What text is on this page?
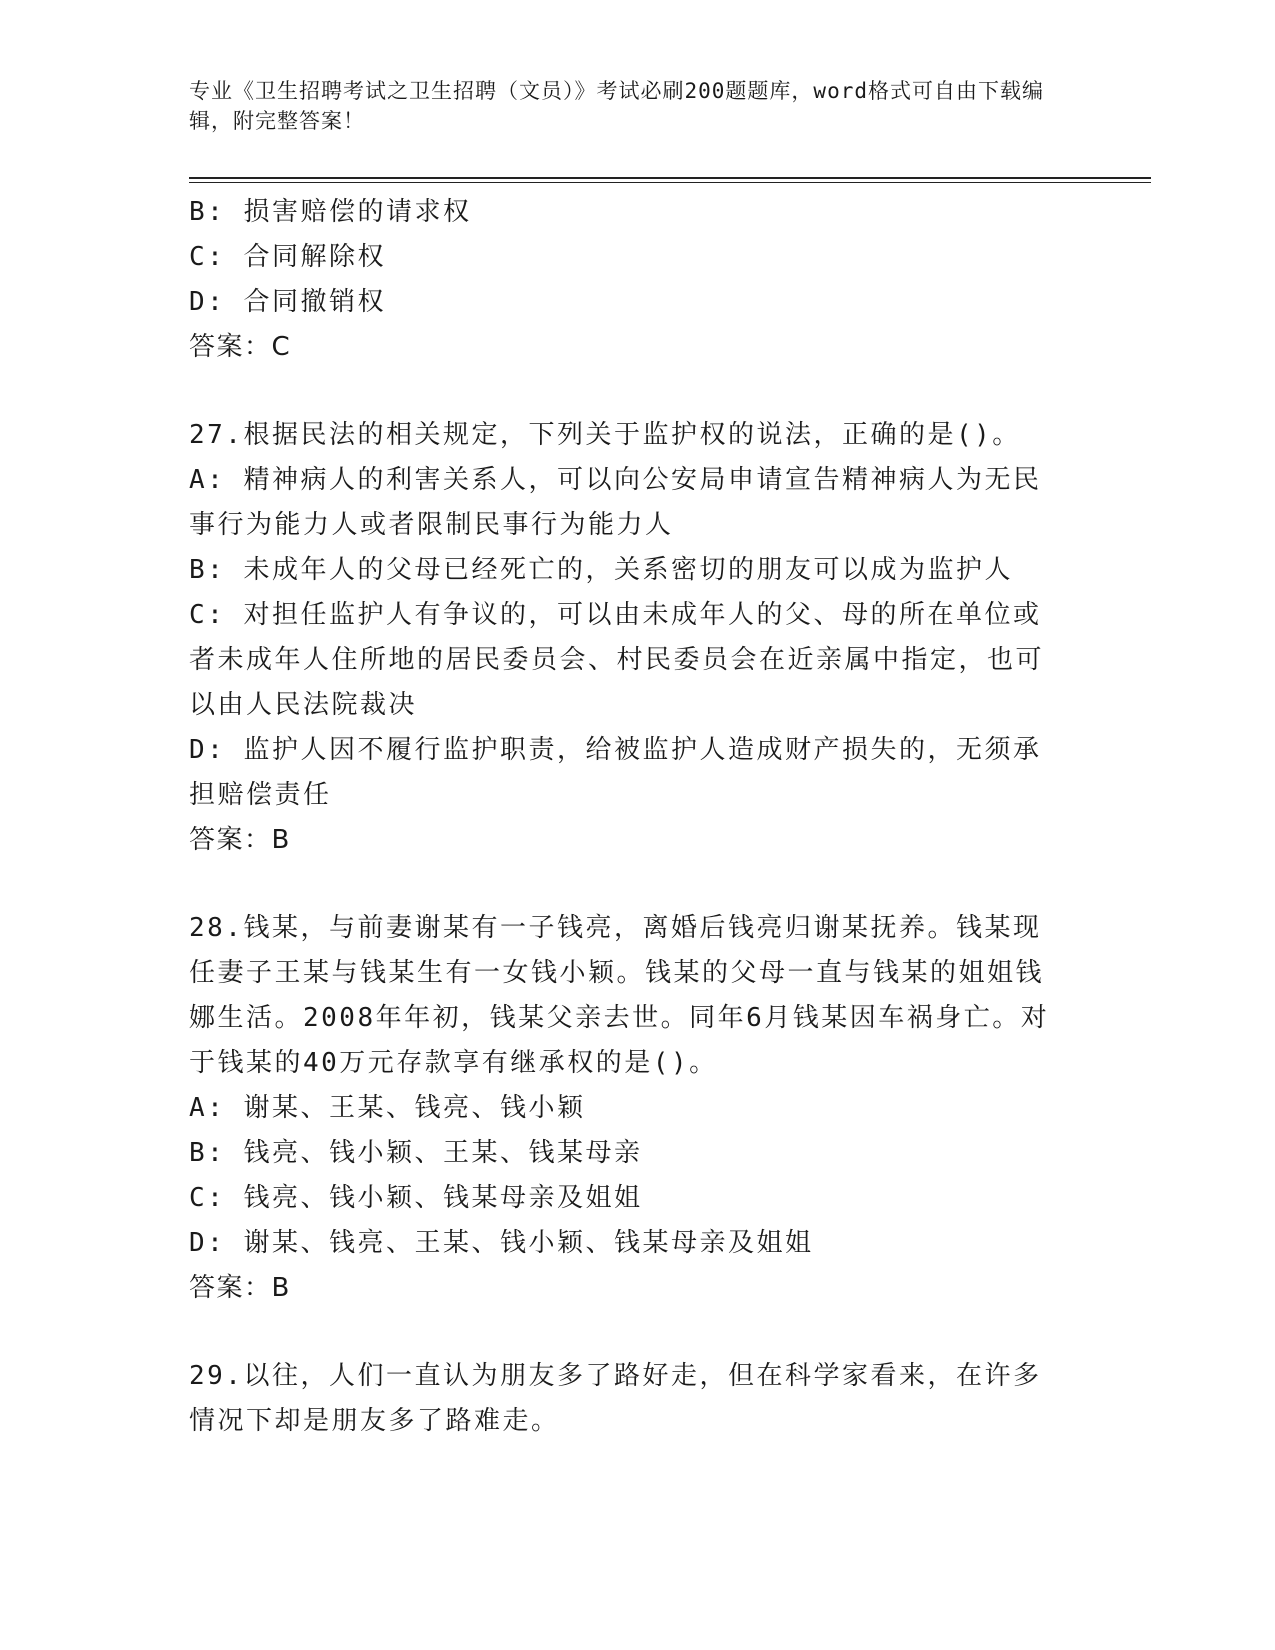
专业《卫生招聘考试之卫生招聘（文员）》考试必刷200题题库，word格式可自由下载编辑，附完整答案！

B: 损害赔偿的请求权

C: 合同解除权

D: 合同撤销权

答案：C

27.根据民法的相关规定，下列关于监护权的说法，正确的是()。

A: 精神病人的利害关系人，可以向公安局申请宣告精神病人为无民事行为能力人或者限制民事行为能力人

B: 未成年人的父母已经死亡的，关系密切的朋友可以成为监护人

C: 对担任监护人有争议的，可以由未成年人的父、母的所在单位或者未成年人住所地的居民委员会、村民委员会在近亲属中指定，也可以由人民法院裁决

D: 监护人因不履行监护职责，给被监护人造成财产损失的，无须承担赔偿责任

答案：B

28.钱某，与前妻谢某有一子钱亮，离婚后钱亮归谢某抚养。钱某现任妻子王某与钱某生有一女钱小颖。钱某的父母一直与钱某的姐姐钱娜生活。2008年年初，钱某父亲去世。同年6月钱某因车祸身亡。对于钱某的40万元存款享有继承权的是()。

A: 谢某、王某、钱亮、钱小颖

B: 钱亮、钱小颖、王某、钱某母亲

C: 钱亮、钱小颖、钱某母亲及姐姐

D: 谢某、钱亮、王某、钱小颖、钱某母亲及姐姐

答案：B

29.以往，人们一直认为朋友多了路好走，但在科学家看来，在许多情况下却是朋友多了路难走。
